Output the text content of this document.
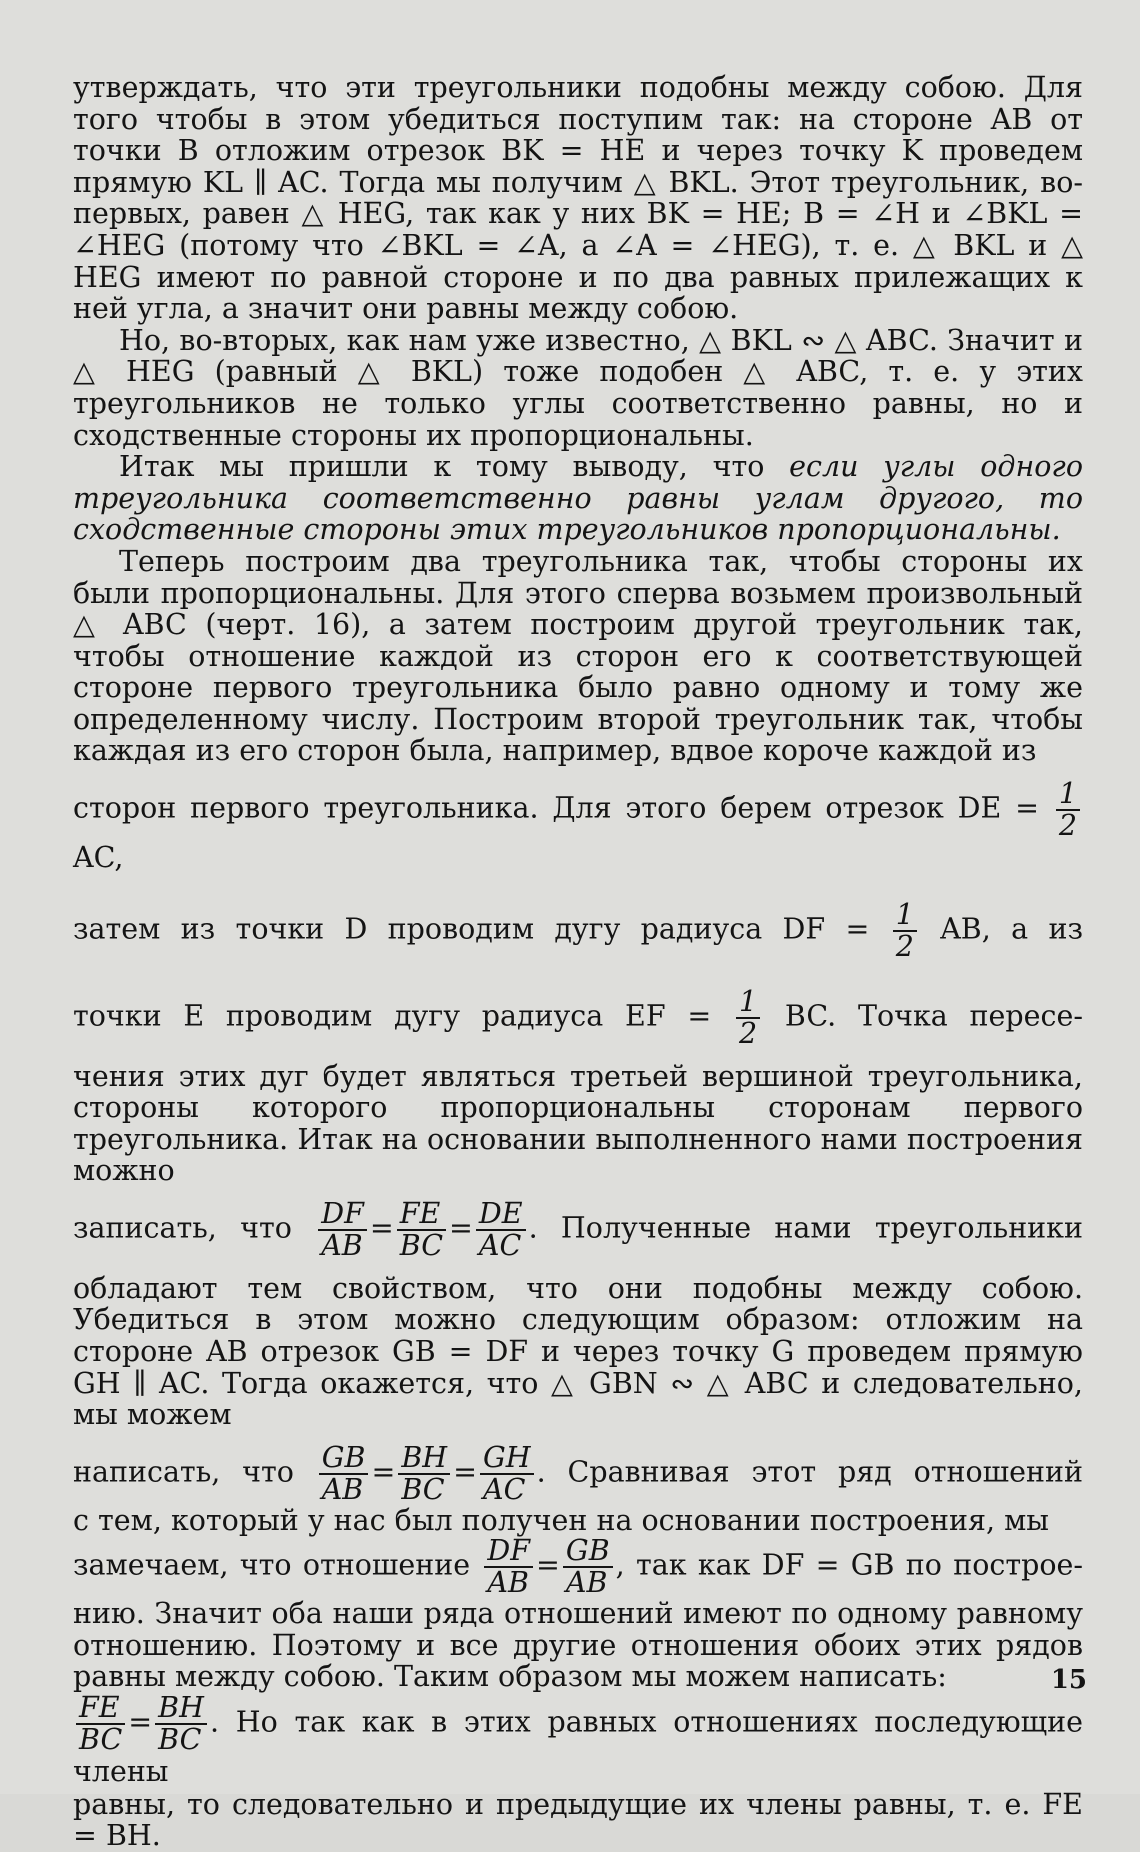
утверждать, что эти треугольники подобны между собою. Для того чтобы в этом убедиться поступим так: на стороне AB от точки B отложим отрезок BK = HE и через точку K проведем прямую KL ∥ AC. Тогда мы получим △ BKL. Этот треугольник, во-первых, равен △ HEG, так как у них BK = HE; B = ∠H и ∠BKL = ∠HEG (потому что ∠BKL = ∠A, а ∠A = ∠HEG), т. е. △ BKL и △ HEG имеют по равной стороне и по два равных прилежащих к ней угла, а значит они равны между собою.

Но, во-вторых, как нам уже известно, △ BKL ∾ △ ABC. Значит и △ HEG (равный △ BKL) тоже подобен △ ABC, т. е. у этих треугольников не только углы соответственно равны, но и сходственные стороны их пропорциональны.

Итак мы пришли к тому выводу, что если углы одного треугольника соответственно равны углам другого, то сходственные стороны этих треугольников пропорциональны.

Теперь построим два треугольника так, чтобы стороны их были пропорциональны. Для этого сперва возьмем произвольный △ ABC (черт. 16), а затем построим другой треугольник так, чтобы отношение каждой из сторон его к соответствующей стороне первого треугольника было равно одному и тому же определенному числу. Построим второй треугольник так, чтобы каждая из его сторон была, например, вдвое короче каждой из

сторон первого треугольника. Для этого берем отрезок DE = $\frac{1}{2}$
AC,
затем из точки D проводим дугу радиуса DF = $\frac{1}{2}$ AB, а из
точки E проводим дугу радиуса EF = $\frac{1}{2}$ BC. Точка пересе-

чения этих дуг будет являться третьей вершиной треугольника, стороны которого пропорциональны сторонам первого треугольника. Итак на основании выполненного нами построения можно

записать, что $\frac{DF}{AB} = \frac{FE}{BC} = \frac{DE}{AC}$ . Полученные нами треугольники

обладают тем свойством, что они подобны между собою. Убедиться в этом можно следующим образом: отложим на стороне AB отрезок GB = DF и через точку G проведем прямую GH ∥ AC. Тогда окажется, что △ GBN ∾ △ ABC и следовательно, мы можем

написать, что $\frac{GB}{AB} = \frac{BH}{BC} = \frac{GH}{AC}$ . Сравнивая этот ряд отношений

с тем, который у нас был получен на основании построения, мы

замечаем, что отношение $\frac{DF}{AB} = \frac{GB}{AB}$ , так как DF = GB по построе-

нию. Значит оба наши ряда отношений имеют по одному равному отношению. Поэтому и все другие отношения обоих этих рядов равны между собою. Таким образом мы можем написать:

$\frac{FE}{BC} = \frac{BH}{BC}$ . Но так как в этих равных отношениях последующие члены

равны, то следовательно и предыдущие их члены равны, т. е. FE = BH.

15
